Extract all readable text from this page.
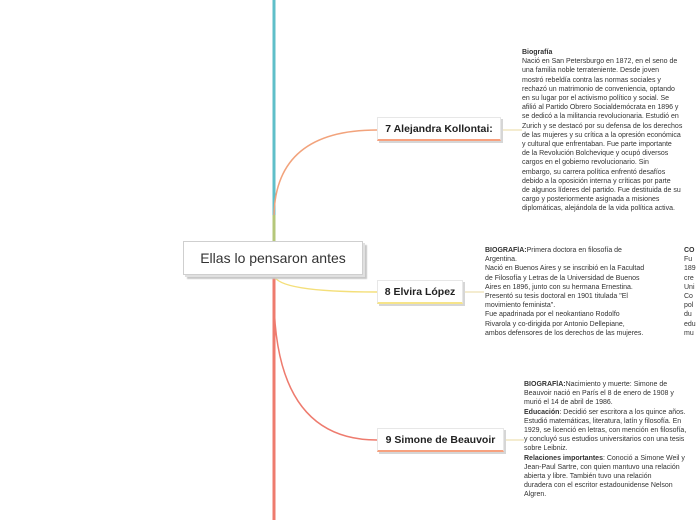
Ellas lo pensaron antes
7 Alejandra Kollontai:
8 Elvira López
9 Simone de Beauvoir
Biografía
Nació en San Petersburgo en 1872, en el seno de
una familia noble terrateniente. Desde joven
mostró rebeldía contra las normas sociales y
rechazó un matrimonio de conveniencia, optando
en su lugar por el activismo político y social. Se
afilió al Partido Obrero Socialdemócrata en 1896 y
se dedicó a la militancia revolucionaria. Estudió en
Zurich y se destacó por su defensa de los derechos
de las mujeres y su crítica a la opresión económica
y cultural que enfrentaban. Fue parte importante
de la Revolución Bolchevique y ocupó diversos
cargos en el gobierno revolucionario. Sin
embargo, su carrera política enfrentó desafíos
debido a la oposición interna y críticas por parte
de algunos líderes del partido. Fue destituida de su
cargo y posteriormente asignada a misiones
diplomáticas, alejándola de la vida política activa.
BIOGRAFÍA:Primera doctora en filosofía de
Argentina.
Nació en Buenos Aires y se inscribió en la Facultad
de Filosofía y Letras de la Universidad de Buenos
Aires en 1896, junto con su hermana Ernestina.
Presentó su tesis doctoral en 1901 titulada "El
movimiento feminista".
Fue apadrinada por el neokantiano Rodolfo
Rivarola y co-dirigida por Antonio Dellepiane,
ambos defensores de los derechos de las mujeres.
CO
Fu
189
cre
Uni
Co
pol
du
edu
mu
BIOGRAFÍA:Nacimiento y muerte: Simone de
Beauvoir nació en París el 8 de enero de 1908 y
murió el 14 de abril de 1986.
Educación: Decidió ser escritora a los quince años.
Estudió matemáticas, literatura, latín y filosofía. En
1929, se licenció en letras, con mención en filosofía,
y concluyó sus estudios universitarios con una tesis
sobre Leibniz.
Relaciones importantes: Conoció a Simone Weil y
Jean-Paul Sartre, con quien mantuvo una relación
abierta y libre. También tuvo una relación
duradera con el escritor estadounidense Nelson
Algren.
